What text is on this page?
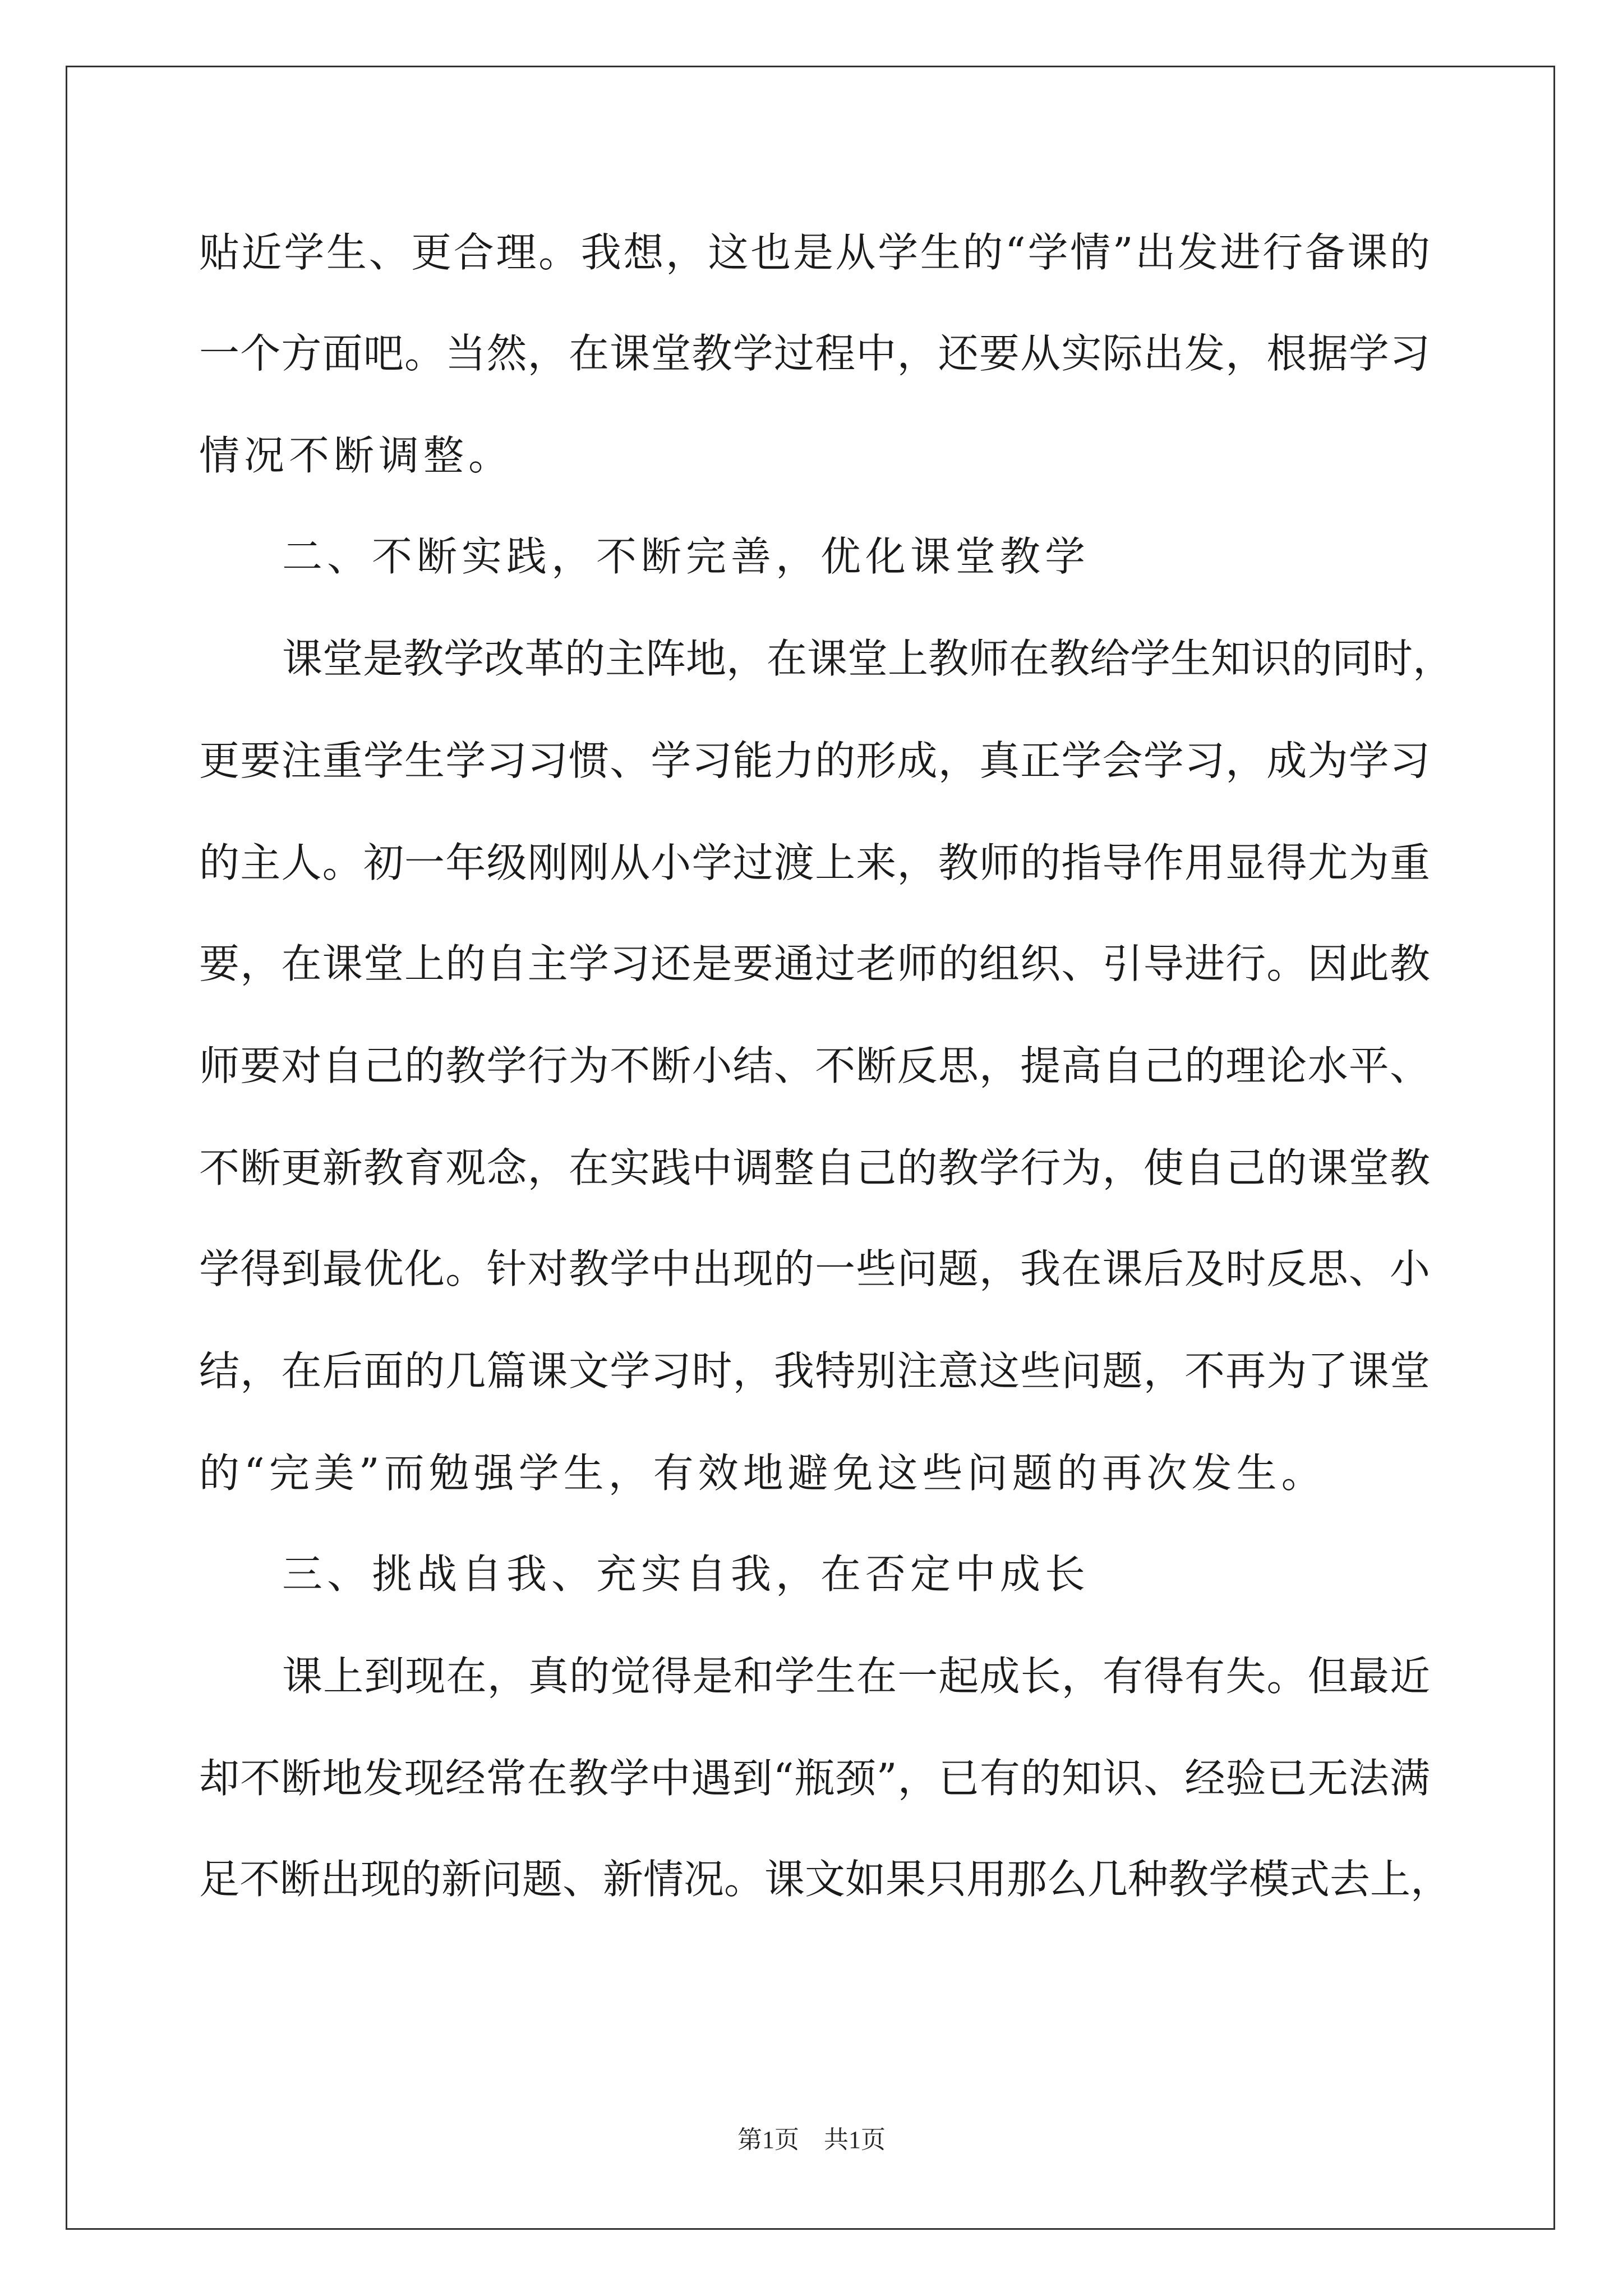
贴近学生、更合理。我想，这也是从学生的“学情”出发进行备课的
一个方面吧。当然，在课堂教学过程中，还要从实际出发，根据学习
情况不断调整。
二、不断实践，不断完善，优化课堂教学
课堂是教学改革的主阵地，在课堂上教师在教给学生知识的同时，
更要注重学生学习习惯、学习能力的形成，真正学会学习，成为学习
的主人。初一年级刚刚从小学过渡上来，教师的指导作用显得尤为重
要，在课堂上的自主学习还是要通过老师的组织、引导进行。因此教
师要对自己的教学行为不断小结、不断反思，提高自己的理论水平、
不断更新教育观念，在实践中调整自己的教学行为，使自己的课堂教
学得到最优化。针对教学中出现的一些问题，我在课后及时反思、小
结，在后面的几篇课文学习时，我特别注意这些问题，不再为了课堂
的“完美”而勉强学生，有效地避免这些问题的再次发生。
三、挑战自我、充实自我，在否定中成长
课上到现在，真的觉得是和学生在一起成长，有得有失。但最近
却不断地发现经常在教学中遇到“瓶颈”，已有的知识、经验已无法满
足不断出现的新问题、新情况。课文如果只用那么几种教学模式去上，
第1页　共1页
